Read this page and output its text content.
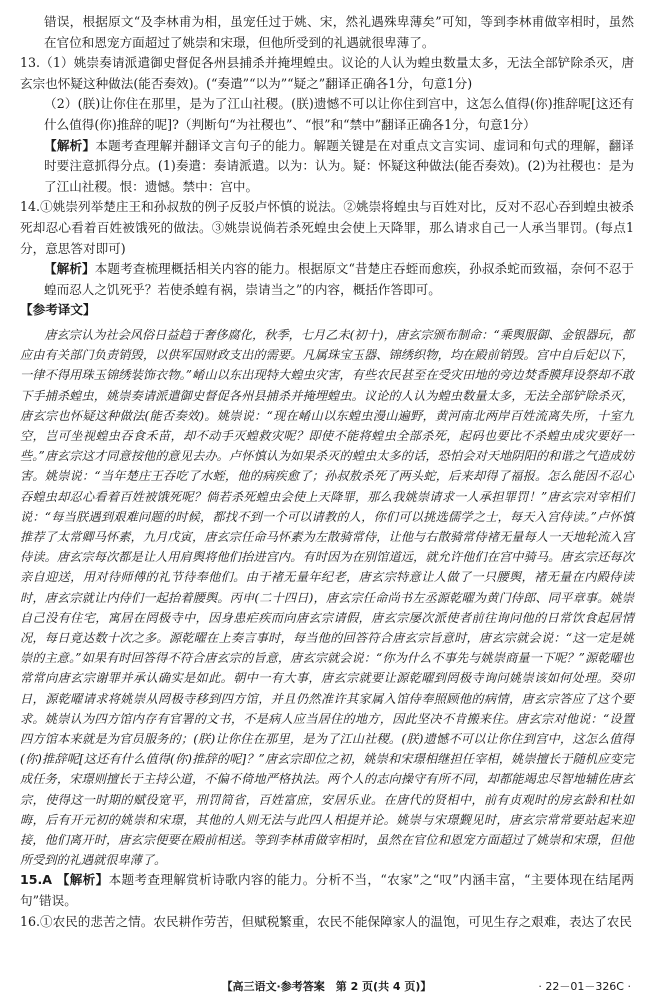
错误，根据原文“及李林甫为相，虽宠任过于姚、宋，然礼遇殊卑薄矣”可知，等到李林甫做宰相时，虽然在官位和恩宠方面超过了姚崇和宋璟，但他所受到的礼遇就很卑薄了。

13.（1）姚崇奏请派遣御史督促各州县捕杀并掩埋蝗虫。议论的人认为蝗虫数量太多，无法全部铲除杀灭，唐玄宗也怀疑这种做法(能否奏效)。(“奏遣”“以为”“疑之”翻译正确各1分，句意1分)

（2）(朕)让你住在那里，是为了江山社稷。(朕)遗憾不可以让你住到宫中，这怎么值得(你)推辞呢[这还有什么值得(你)推辞的呢]?（判断句“为社稷也”、“恨”和“禁中”翻译正确各1分，句意1分）

【解析】本题考查理解并翻译文言句子的能力。解题关键是在对重点文言实词、虚词和句式的理解，翻译时要注意抓得分点。(1)奏遣：奏请派遣。以为：认为。疑：怀疑这种做法(能否奏效)。(2)为社稷也：是为了江山社稷。恨：遗憾。禁中：宫中。

14.①姚崇列举楚庄王和孙叔敖的例子反驳卢怀慎的说法。②姚崇将蝗虫与百姓对比，反对不忍心吞到蝗虫被杀死却忍心看着百姓被饿死的做法。③姚崇说倘若杀死蝗虫会使上天降罪，那么请求自己一人承当罪罚。(每点1分，意思答对即可)

【解析】本题考查梳理概括相关内容的能力。根据原文“昔楚庄吞蛭而愈疾，孙叔杀蛇而致福，奈何不忍于蝗而忍人之饥死乎？若使杀蝗有祸，崇请当之”的内容，概括作答即可。

【参考译文】

唐玄宗认为社会风俗日益趋于奢侈腐化，秋季，七月乙未(初十)，唐玄宗颁布制命：“乘舆服御、金银器玩，都应由有关部门负责销毁，以供军国财政支出的需要。凡属珠宝玉器、锦绣织物，均在殿前销毁。宫中自后妃以下，一律不得用珠玉锦绣装饰衣物。”崤山以东出现特大蝗虫灾害，有些农民甚至在受灾田地的旁边焚香膜拜设祭却不敢下手捕杀蝗虫，姚崇奏请派遣御史督促各州县捕杀并掩埋蝗虫。议论的人认为蝗虫数量太多，无法全部铲除杀灭，唐玄宗也怀疑这种做法(能否奏效)。姚崇说：“现在崤山以东蝗虫漫山遍野，黄河南北两岸百姓流离失所，十室九空，岂可坐视蝗虫吞食禾苗，却不动手灭蝗救灾呢？即使不能将蝗虫全部杀死，起码也要比不杀蝗虫成灾要好一些。”唐玄宗这才同意按他的意见去办。卢怀慎认为如果杀灭的蝗虫太多的话，恐怕会对天地阴阳的和谐之气造成妨害。姚崇说：“当年楚庄王吞吃了水蛭，他的病疾愈了；孙叔敖杀死了两头蛇，后来却得了福报。怎么能因不忍心吞蝗虫却忍心看着百姓被饿死呢？倘若杀死蝗虫会使上天降罪，那么我姚崇请求一人承担罪罚！”唐玄宗对宰相们说：“每当朕遇到艰难问题的时候，都找不到一个可以请教的人，你们可以挑选儒学之士，每天入宫侍读。”卢怀慎推荐了太常卿马怀素，九月戊寅，唐玄宗任命马怀素为左散骑常侍，让他与右散骑常侍褚无量每人一天地轮流入宫侍读。唐玄宗每次都是让人用肩舆将他们抬进宫内。有时因为在别馆道远，就允许他们在宫中骑马。唐玄宗还每次亲自迎送，用对待师傅的礼节待奉他们。由于褚无量年纪老，唐玄宗特意让人做了一只腰舆，褚无量在内殿侍读时，唐玄宗就让内侍们一起抬着腰舆。丙申(二十四日)，唐玄宗任命尚书左丞源乾曜为黄门侍郎、同平章事。姚崇自己没有住宅，寓居在罔极寺中，因身患疟疾而向唐玄宗请假，唐玄宗屡次派使者前往询问他的日常饮食起居情况，每日竟达数十次之多。源乾曜在上奏言事时，每当他的回答符合唐玄宗旨意时，唐玄宗就会说：“这一定是姚崇的主意。”如果有时回答得不符合唐玄宗的旨意，唐玄宗就会说：“你为什么不事先与姚崇商量一下呢？”源乾曜也常常向唐玄宗谢罪并承认确实是如此。朝中一有大事，唐玄宗就要让源乾曜到罔极寺询问姚崇该如何处理。癸卯日，源乾曜请求将姚崇从罔极寺移到四方馆，并且仍然准许其家属入馆侍奉照顾他的病情，唐玄宗答应了这个要求。姚崇认为四方馆内存有官署的文书，不是病人应当居住的地方，因此坚决不肯搬来住。唐玄宗对他说：“设置四方馆本来就是为官员服务的；(朕)让你住在那里，是为了江山社稷。(朕)遗憾不可以让你住到宫中，这怎么值得(你)推辞呢[这还有什么值得(你)推辞的呢]？”唐玄宗即位之初，姚崇和宋璟相继担任宰相，姚崇擅长于随机应变完成任务，宋璟则擅长于主持公道，不偏不倚地严格执法。两个人的志向操守有所不同，却都能竭忠尽智地辅佐唐玄宗，使得这一时期的赋役宽平，刑罚简省，百姓富庶，安居乐业。在唐代的贤相中，前有贞观时的房玄龄和杜如晦，后有开元初的姚崇和宋璟，其他的人则无法与此四人相提并论。姚崇与宋璟觐见时，唐玄宗常常要站起来迎接，他们离开时，唐玄宗便要在殿前相送。等到李林甫做宰相时，虽然在官位和恩宠方面超过了姚崇和宋璟，但他所受到的礼遇就很卑薄了。

15.A 【解析】本题考查理解赏析诗歌内容的能力。分析不当，“农家”之“叹”内涵丰富，“主要体现在结尾两句”错误。

16.①农民的悲苦之情。农民耕作劳苦，但赋税繁重，农民不能保障家人的温饱，可见生存之艰难，表达了农民

【高三语文·参考答案　第 2 页(共 4 页)】	· 22－01－326C ·
